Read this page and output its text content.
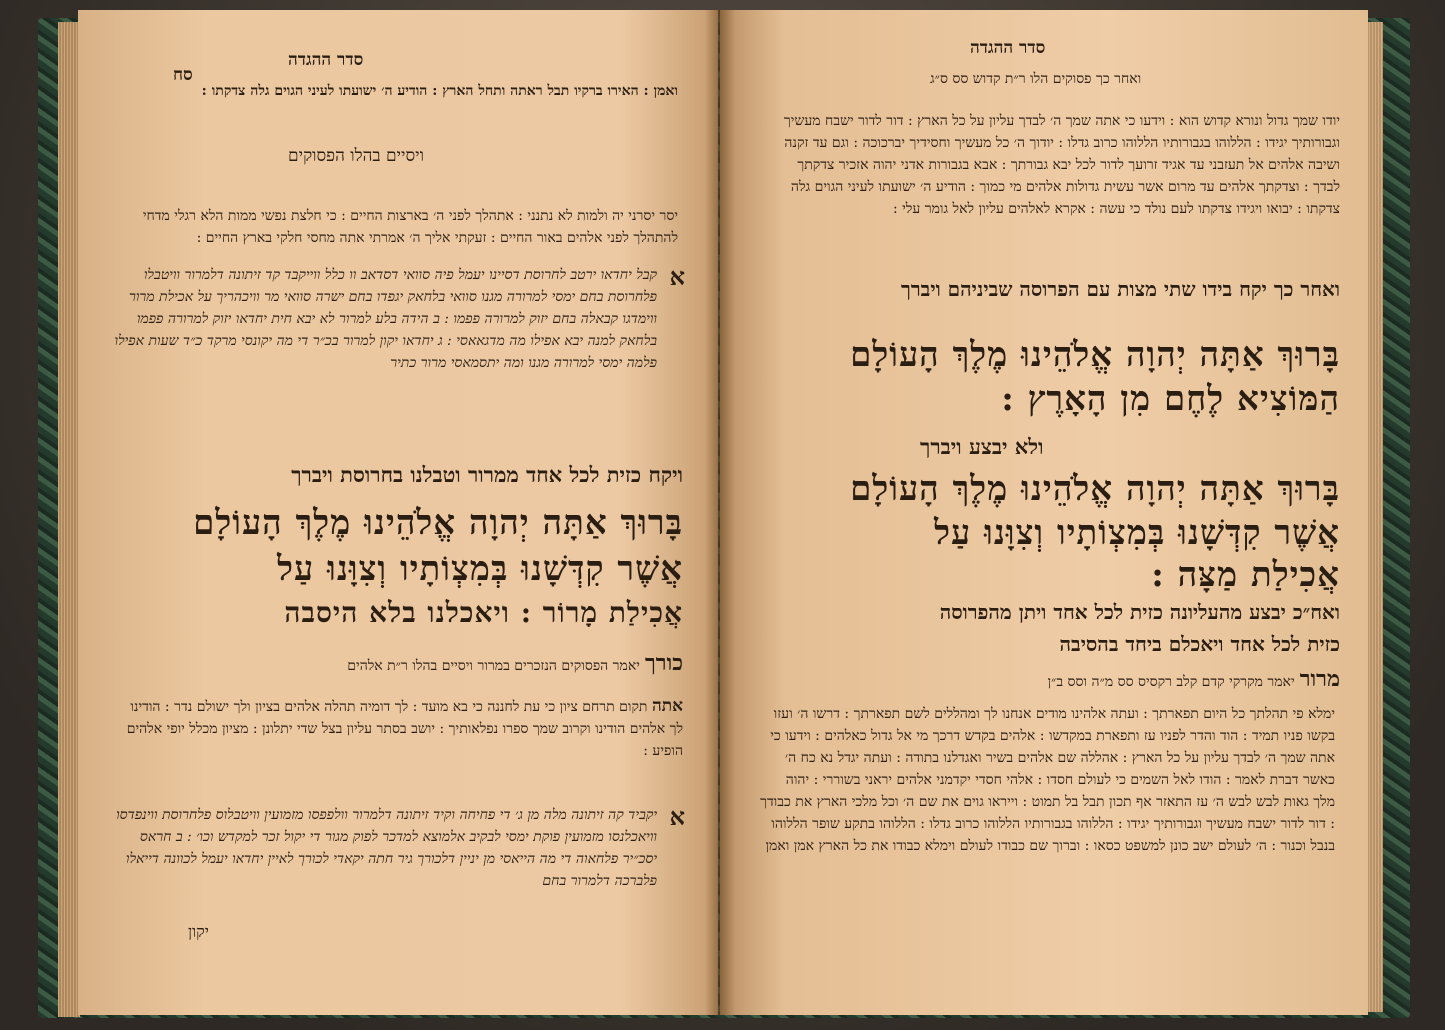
סדר ההגדה
סח
ואמן : האירו ברקיו תבל ראתה ותחל הארץ : הודיע ה׳ ישועתו לעיני הגוים גלה צדקתו :
ויסיים בהלו הפסוקים
יסר יסרני יה ולמות לא נתנני : אתהלך לפני ה׳ בארצות החיים : כי חלצת נפשי ממות הלא רגלי מדחי להתהלך לפני אלהים באור החיים : זעקתי אליך ה׳ אמרתי אתה מחסי חלקי בארץ החיים :
א
קבל יחדאו ירטב לחרוסת דסיינו יעמל פיה סוואי דסדאב וו כלל ווייקבד קד זיתונה דלמרור וויטבלו פלחרוסת בחם ימסי למרורה מגנו סוואי בלחאק יגפדו בחם ישרה סוואי מר וויכהריך על אכילת מרור ווימדגו קבאלה בחם יזוק למרורה פפמו : ב הידה בלע למרור לא יבא חית יחדאו יזוק למרורה פפמו בלחאק למנה יבא אפילו מה מדגאאסי : ג יחדאו יקון למרור בכ״ר די מה יקונסי מרקד כ״ד שעות אפילו פלמה ימסי למרורה מגנו ומה יתסמאסי מרור כתיר
ויקח כזית לכל אחד ממרור וטבלנו בחרוסת ויברך
בָּרוּךְ אַתָּה יְהוָה אֱלֹהֵינוּ מֶלֶךְ הָעוֹלָם
אֲשֶׁר קִדְּשָׁנוּ בְּמִצְוֹתָיו וְצִוָּנוּ עַל
אֲכִילַת מָרוֹר : ויאכלנו בלא היסבה
כורך יאמר הפסוקים הנזכרים במרור ויסיים בהלו ר״ת אלהים
אתה תקום תרחם ציון כי עת לחננה כי בא מועד : לך דומיה תהלה אלהים בציון ולך ישולם נדר : הודינו לך אלהים הודינו וקרוב שמך ספרו נפלאותיך : יושב בסתר עליון בצל שדי יתלונן : מציון מכלל יופי אלהים הופיע :
א
יקביד קה זיתונה מלה מן ג׳ די פחיחה וקיד זיתונה דלמרור וולפפסו מזמועין וויטבלוס פלחרוסת ווינפדסו וויאכלנסו מזמועין פוקת ימסי לבקיב אלמוצא למדכר לפוק מגור די יקול זכר למקדש וכו׳ : ב חראס יסכ״יר פלחאוה די מה הייאסי מן יניין דלכורך גיר חתה יקאדי לכורך לאיין יחדאו יעמל לכוונה דייאלו פלברכה דלמרור בחם
יקון
סדר ההגדה
ואחר כך פסוקים הלו ר״ת קדוש סס ס״ג
יודו שמך גדול ונורא קדוש הוא : וידעו כי אתה שמך ה׳ לבדך עליון על כל הארץ : דור לדור ישבח מעשיך וגבורותיך יגידו : הללוהו בגבורותיו הללוהו כרוב גדלו : יודוך ה׳ כל מעשיך וחסידיך יברכוכה : וגם עד זקנה ושיבה אלהים אל תעזבני עד אגיד זרועך לדור לכל יבא גבורתך : אבא בגבורות אדני יהוה אזכיר צדקתך לבדך : וצדקתך אלהים עד מרום אשר עשית גדולות אלהים מי כמוך : הודיע ה׳ ישועתו לעיני הגוים גלה צדקתו : יבואו ויגידו צדקתו לעם נולד כי עשה : אקרא לאלהים עליון לאל גומר עלי :
ואחר כך יקח בידו שתי מצות עם הפרוסה שביניהם ויברך
בָּרוּךְ אַתָּה יְהוָה אֱלֹהֵינוּ מֶלֶךְ הָעוֹלָם
הַמּוֹצִיא לֶחֶם מִן הָאָרֶץ :
ולא יבצע ויברך
בָּרוּךְ אַתָּה יְהוָה אֱלֹהֵינוּ מֶלֶךְ הָעוֹלָם
אֲשֶׁר קִדְּשָׁנוּ בְּמִצְוֹתָיו וְצִוָּנוּ עַל
אֲכִילַת מַצָּה :
ואח״כ יבצע מהעליונה כזית לכל אחד ויתן מהפרוסה
כזית לכל אחד ויאכלם ביחד בהסיבה
מרור יאמר מקרקי קדם קלב רקסיס סס מ״ה וסס ב״ן
ימלא פי תהלתך כל היום תפארתך : ועתה אלהינו מודים אנחנו לך ומהללים לשם תפארתך : דרשו ה׳ ועזו בקשו פניו תמיד : הוד והדר לפניו עז ותפארת במקדשו : אלהים בקדש דרכך מי אל גדול כאלהים : וידעו כי אתה שמך ה׳ לבדך עליון על כל הארץ : אהללה שם אלהים בשיר ואגדלנו בתודה : ועתה יגדל נא כח ה׳ כאשר דברת לאמר : הודו לאל השמים כי לעולם חסדו : אלהי חסדי יקדמני אלהים יראני בשוררי : יהוה מלך גאות לבש לבש ה׳ עז התאזר אף תכון תבל בל תמוט : וייראו גוים את שם ה׳ וכל מלכי הארץ את כבודך : דור לדור ישבח מעשיך וגבורותיך יגידו : הללוהו בגבורותיו הללוהו כרוב גדלו : הללוהו בתקע שופר הללוהו בנבל וכנור : ה׳ לעולם ישב כונן למשפט כסאו : וברוך שם כבודו לעולם וימלא כבודו את כל הארץ אמן ואמן
